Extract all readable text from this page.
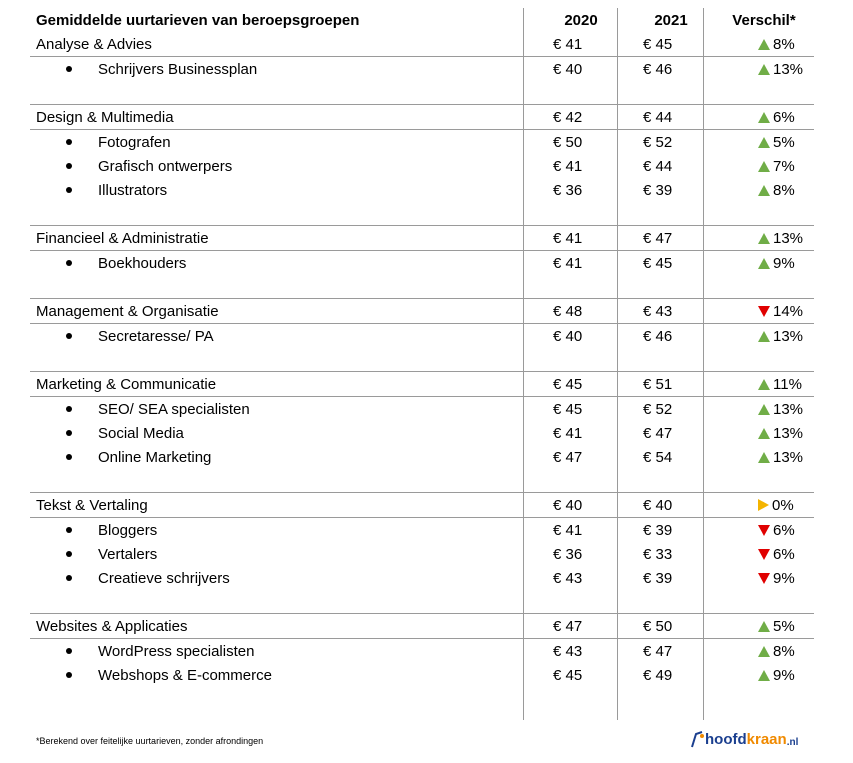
Gemiddelde uurtarieven van beroepsgroepen	2020	2021	Verschil*
Analyse & Advies	€ 41	€ 45	8%
Schrijvers Businessplan	€ 40	€ 46	13%
Design & Multimedia	€ 42	€ 44	6%
Fotografen	€ 50	€ 52	5%
Grafisch ontwerpers	€ 41	€ 44	7%
Illustrators	€ 36	€ 39	8%
Financieel & Administratie	€ 41	€ 47	13%
Boekhouders	€ 41	€ 45	9%
Management & Organisatie	€ 48	€ 43	14%
Secretaresse/ PA	€ 40	€ 46	13%
Marketing & Communicatie	€ 45	€ 51	11%
SEO/ SEA specialisten	€ 45	€ 52	13%
Social Media	€ 41	€ 47	13%
Online Marketing	€ 47	€ 54	13%
Tekst & Vertaling	€ 40	€ 40	0%
Bloggers	€ 41	€ 39	6%
Vertalers	€ 36	€ 33	6%
Creatieve schrijvers	€ 43	€ 39	9%
Websites & Applicaties	€ 47	€ 50	5%
WordPress specialisten	€ 43	€ 47	8%
Webshops & E-commerce	€ 45	€ 49	9%
*Berekend over feitelijke uurtarieven, zonder afrondingen	hoofd kraan .nl
